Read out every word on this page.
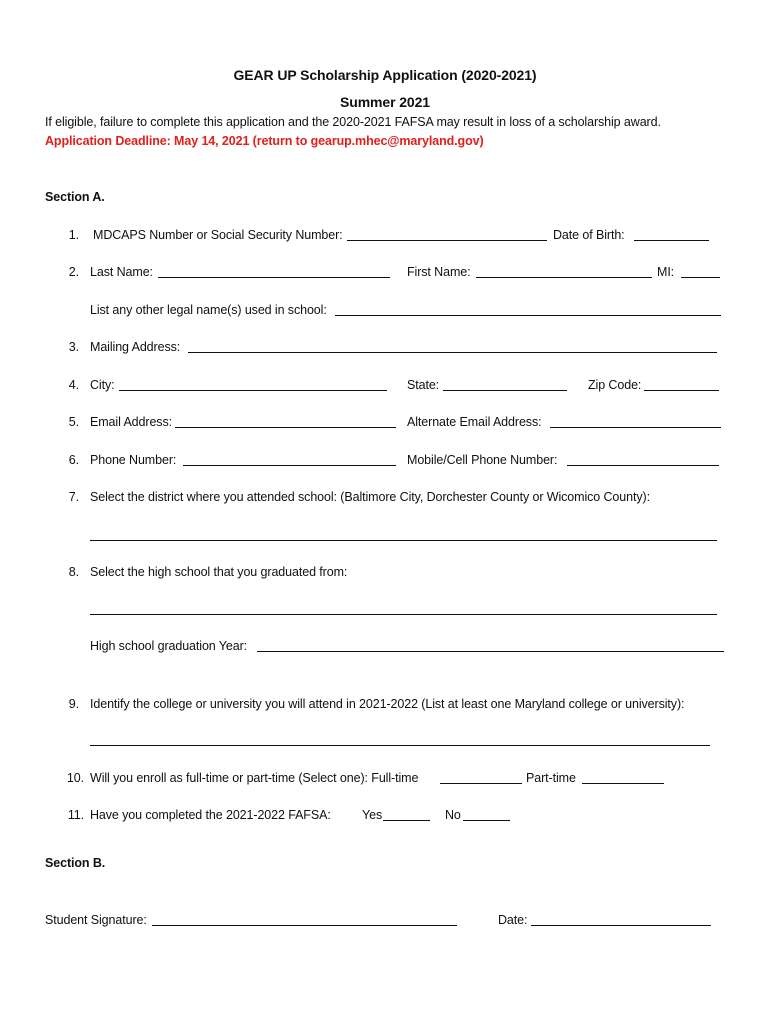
GEAR UP Scholarship Application (2020-2021)
Summer 2021
If eligible, failure to complete this application and the 2020-2021 FAFSA may result in loss of a scholarship award.
Application Deadline: May 14, 2021 (return to gearup.mhec@maryland.gov)
Section A.
1. MDCAPS Number or Social Security Number:	Date of Birth:
2. Last Name:	First Name:	MI:
List any other legal name(s) used in school:
3. Mailing Address:
4. City:	State:	Zip Code:
5. Email Address:	Alternate Email Address:
6. Phone Number:	Mobile/Cell Phone Number:
7. Select the district where you attended school: (Baltimore City, Dorchester County or Wicomico County):
8. Select the high school that you graduated from:
High school graduation Year:
9. Identify the college or university you will attend in 2021-2022 (List at least one Maryland college or university):
10. Will you enroll as full-time or part-time (Select one): Full-time	Part-time
11. Have you completed the 2021-2022 FAFSA:	Yes	No
Section B.
Student Signature:	Date:
